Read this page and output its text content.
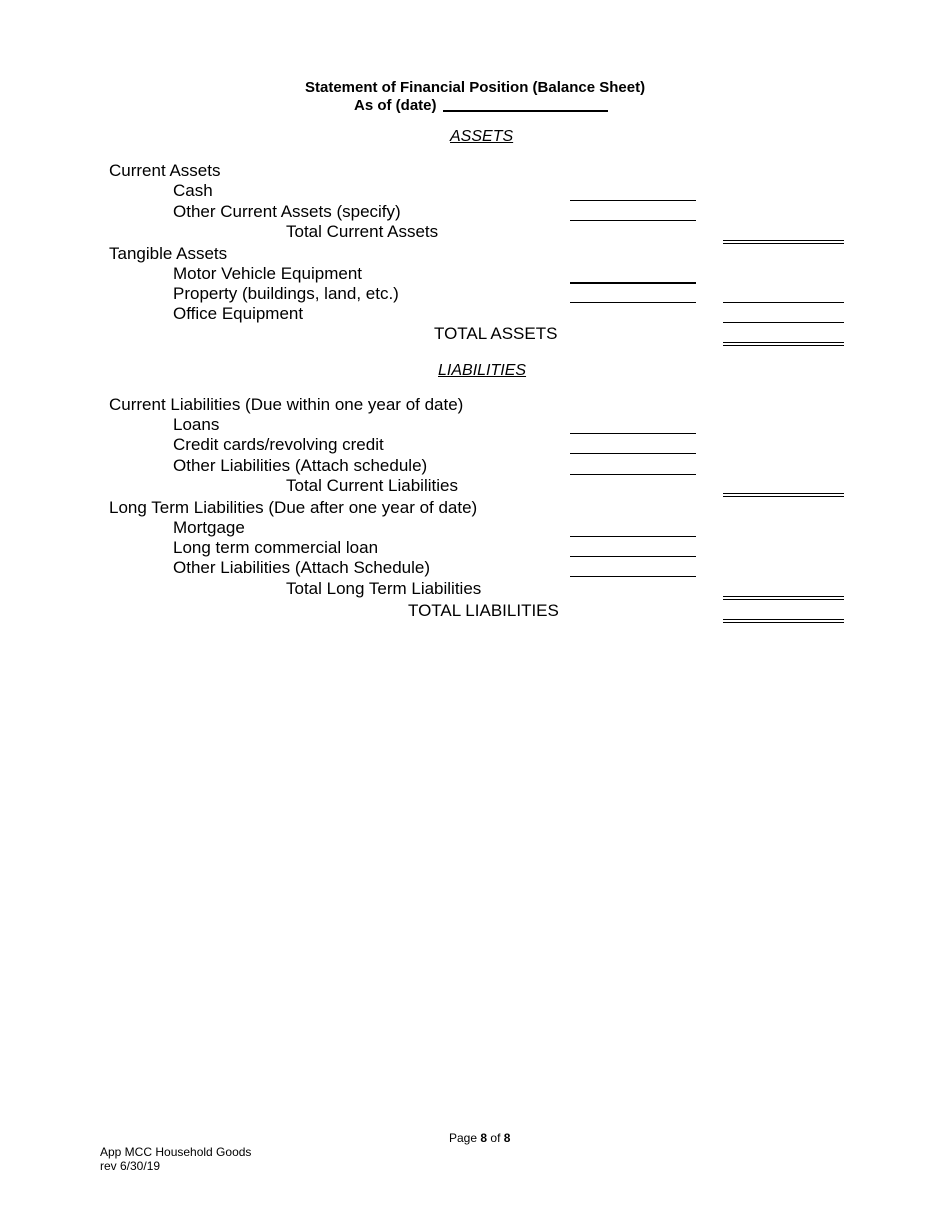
Statement of Financial Position (Balance Sheet)
As of (date)
ASSETS
Current Assets
Cash
Other Current Assets (specify)
Total Current Assets
Tangible Assets
Motor Vehicle Equipment
Property (buildings, land, etc.)
Office Equipment
TOTAL ASSETS
LIABILITIES
Current Liabilities (Due within one year of date)
Loans
Credit cards/revolving credit
Other Liabilities (Attach schedule)
Total Current Liabilities
Long Term Liabilities (Due after one year of date)
Mortgage
Long term commercial loan
Other Liabilities (Attach Schedule)
Total Long Term Liabilities
TOTAL LIABILITIES
Page 8 of 8
App MCC Household Goods
rev 6/30/19
